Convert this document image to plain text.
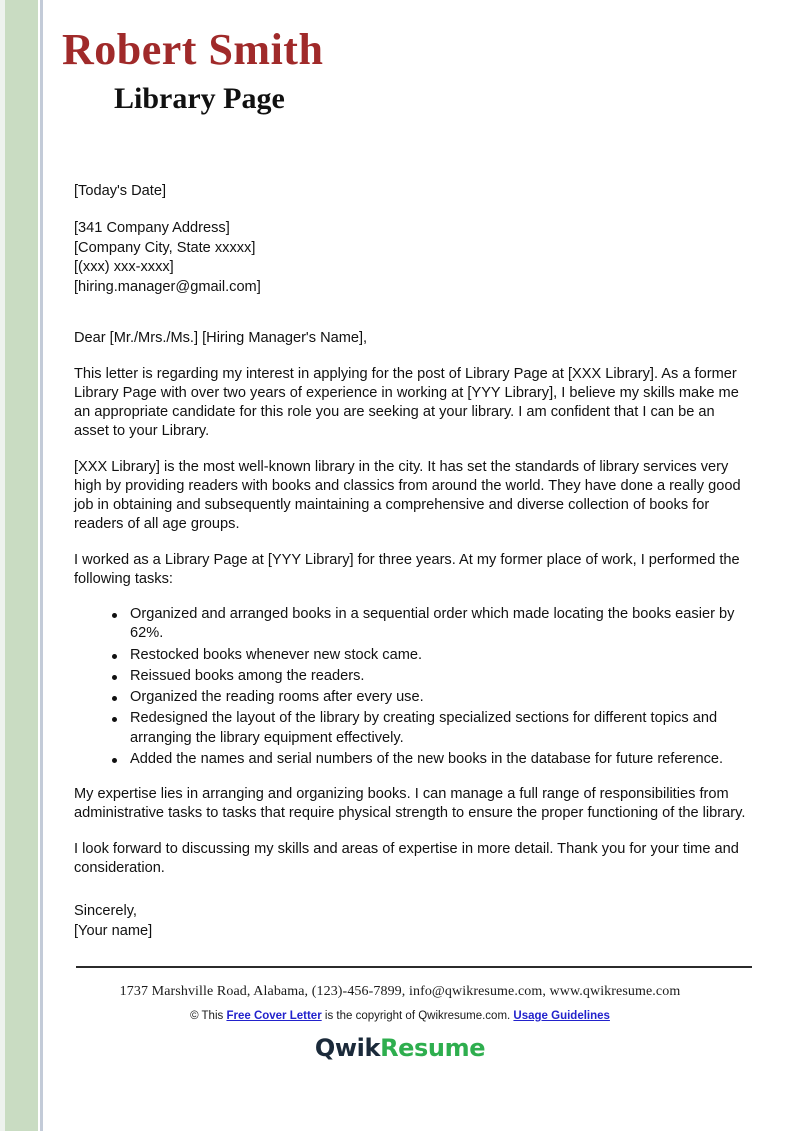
Robert Smith
Library Page
[Today's Date]
[341 Company Address]
[Company City, State xxxxx]
[(xxx) xxx-xxxx]
[hiring.manager@gmail.com]
Dear [Mr./Mrs./Ms.] [Hiring Manager's Name],

This letter is regarding my interest in applying for the post of Library Page at [XXX Library]. As a former Library Page with over two years of experience in working at [YYY Library], I believe my skills make me an appropriate candidate for this role you are seeking at your library. I am confident that I can be an asset to your Library.

[XXX Library] is the most well-known library in the city. It has set the standards of library services very high by providing readers with books and classics from around the world. They have done a really good job in obtaining and subsequently maintaining a comprehensive and diverse collection of books for readers of all age groups.

I worked as a Library Page at [YYY Library] for three years. At my former place of work, I performed the following tasks:

Organized and arranged books in a sequential order which made locating the books easier by 62%.
Restocked books whenever new stock came.
Reissued books among the readers.
Organized the reading rooms after every use.
Redesigned the layout of the library by creating specialized sections for different topics and arranging the library equipment effectively.
Added the names and serial numbers of the new books in the database for future reference.

My expertise lies in arranging and organizing books. I can manage a full range of responsibilities from administrative tasks to tasks that require physical strength to ensure the proper functioning of the library.

I look forward to discussing my skills and areas of expertise in more detail. Thank you for your time and consideration.

Sincerely,
[Your name]
1737 Marshville Road, Alabama, (123)-456-7899, info@qwikresume.com, www.qwikresume.com
© This Free Cover Letter is the copyright of Qwikresume.com. Usage Guidelines
QwikResume
